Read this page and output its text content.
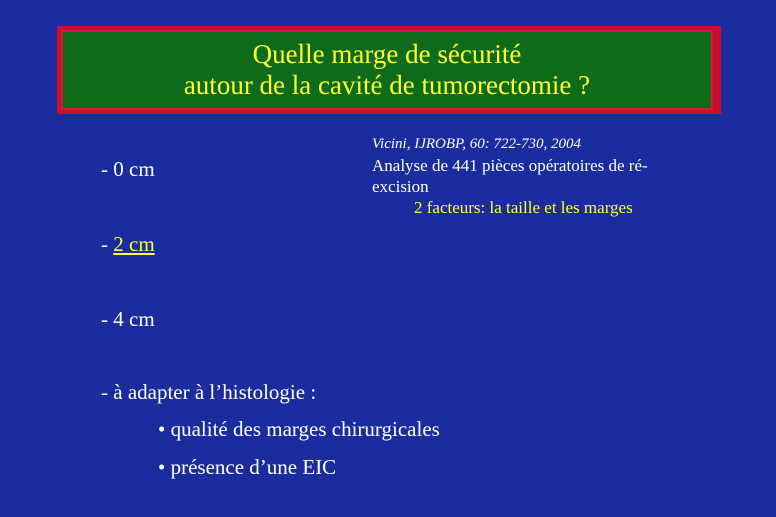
Quelle marge de sécurité
autour de la cavité de tumorectomie ?
- 0 cm
- 2 cm
- 4 cm
- à adapter à l’histologie :
• qualité des marges chirurgicales
• présence d’une EIC
Vicini, IJROBP, 60: 722-730, 2004
Analyse de 441 pièces opératoires de ré-
excision
2 facteurs: la taille et les marges
